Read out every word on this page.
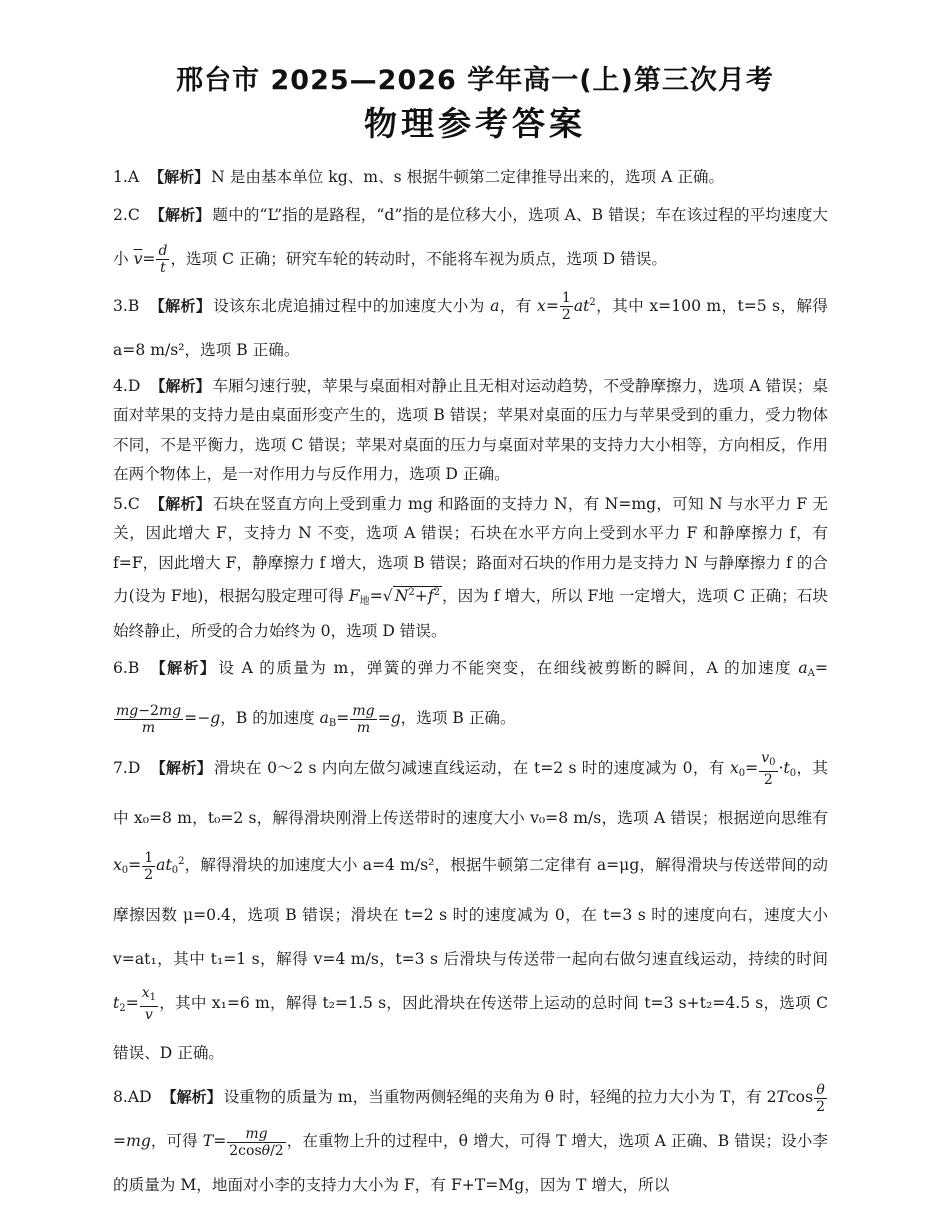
邢台市 2025—2026 学年高一(上)第三次月考
物理参考答案

1.A 【解析】 N 是由基本单位 kg、m、s 根据牛顿第二定律推导出来的，选项 A 正确。

2.C 【解析】 题中的“L”指的是路程，“d”指的是位移大小，选项 A、B 错误；车在该过程的平均速度大小 $\overline{v}= \frac{d}{t}$ ，选项 C 正确；研究车轮的转动时，不能将车视为质点，选项 D 错误。

3.B 【解析】 设该东北虎追捕过程中的加速度大小为 a，有 $x= \frac{1}{2} at^2$，其中 x=100 m，t=5 s，解得 a=8 m/s²，选项 B 正确。

4.D 【解析】 车厢匀速行驶，苹果与桌面相对静止且无相对运动趋势，不受静摩擦力，选项 A 错误；桌面对苹果的支持力是由桌面形变产生的，选项 B 错误；苹果对桌面的压力与苹果受到的重力，受力物体不同，不是平衡力，选项 C 错误；苹果对桌面的压力与桌面对苹果的支持力大小相等，方向相反，作用在两个物体上，是一对作用力与反作用力，选项 D 正确。

5.C 【解析】 石块在竖直方向上受到重力 mg 和路面的支持力 N，有 N=mg，可知 N 与水平力 F 无关，因此增大 F，支持力 N 不变，选项 A 错误；石块在水平方向上受到水平力 F 和静摩擦力 f，有 f=F，因此增大 F，静摩擦力 f 增大，选项 B 错误；路面对石块的作用力是支持力 N 与静摩擦力 f 的合力(设为 F地)，根据勾股定理可得 $F_地=√$ $N^2+f^2$ ，因为 f 增大，所以 F地 一定增大，选项 C 正确；石块始终静止，所受的合力始终为 0，选项 D 错误。

6.B 【解析】 设 A 的质量为 m，弹簧的弹力不能突变，在细线被剪断的瞬间，A 的加速度 $a_A=$
$\frac{mg-2mg}{m} =-g$，B 的加速度 $a_B= \frac{mg}{m} =g$，选项 B 正确。

7.D 【解析】 滑块在 0～2 s 内向左做匀减速直线运动，在 t=2 s 时的速度减为 0，有 $x_0= \frac{v_0}{2} \cdot t_0$，其中 x₀=8 m，t₀=2 s，解得滑块刚滑上传送带时的速度大小 v₀=8 m/s，选项 A 错误；根据逆向思维有 $x_0= \frac{1}{2} at_0^2$，解得滑块的加速度大小 a=4 m/s²，根据牛顿第二定律有 a=μg，解得滑块与传送带间的动摩擦因数 μ=0.4，选项 B 错误；滑块在 t=2 s 时的速度减为 0，在 t=3 s 时的速度向右，速度大小 v=at₁，其中 t₁=1 s，解得 v=4 m/s，t=3 s 后滑块与传送带一起向右做匀速直线运动，持续的时间 $t_2= \frac{x_1}{v}$ ，其中 x₁=6 m，解得 t₂=1.5 s，因此滑块在传送带上运动的总时间 t=3 s+t₂=4.5 s，选项 C 错误、D 正确。

8.AD 【解析】 设重物的质量为 m，当重物两侧轻绳的夹角为 θ 时，轻绳的拉力大小为 T，有 $2Tcos \frac{\theta}{2}$
=mg，可得 $T= \frac{mg}{2\cos\theta/2}$ ，在重物上升的过程中，θ 增大，可得 T 增大，选项 A 正确、B 错误；设小李的质量为 M，地面对小李的支持力大小为 F，有 F+T=Mg，因为 T 增大，所以
